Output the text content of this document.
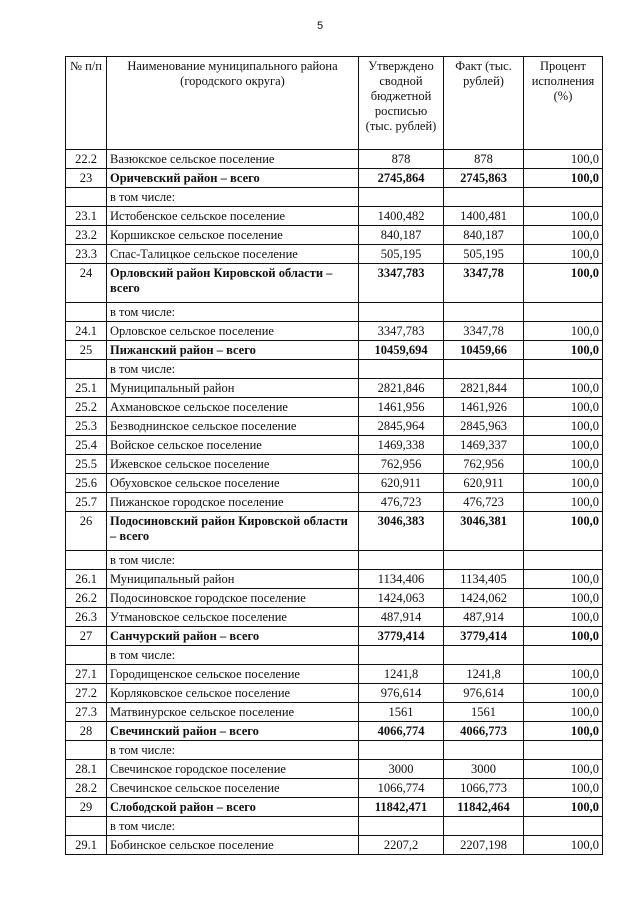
5
№ п/п	Наименование муниципального района (городского округа)	Утверждено сводной бюджетной росписью (тыс. рублей)	Факт (тыс. рублей)	Процент исполнения (%)
22.2	Вазюкское сельское поселение	878	878	100,0
23	Оричевский район – всего	2745,864	2745,863	100,0
	в том числе:			
23.1	Истобенское сельское поселение	1400,482	1400,481	100,0
23.2	Коршикское сельское поселение	840,187	840,187	100,0
23.3	Спас-Талицкое сельское поселение	505,195	505,195	100,0
24	Орловский район Кировской области – всего	3347,783	3347,78	100,0
	в том числе:			
24.1	Орловское сельское поселение	3347,783	3347,78	100,0
25	Пижанский район – всего	10459,694	10459,66	100,0
	в том числе:			
25.1	Муниципальный район	2821,846	2821,844	100,0
25.2	Ахмановское сельское поселение	1461,956	1461,926	100,0
25.3	Безводнинское сельское поселение	2845,964	2845,963	100,0
25.4	Войское сельское поселение	1469,338	1469,337	100,0
25.5	Ижевское сельское поселение	762,956	762,956	100,0
25.6	Обуховское сельское поселение	620,911	620,911	100,0
25.7	Пижанское городское поселение	476,723	476,723	100,0
26	Подосиновский район Кировской области – всего	3046,383	3046,381	100,0
	в том числе:			
26.1	Муниципальный район	1134,406	1134,405	100,0
26.2	Подосиновское городское поселение	1424,063	1424,062	100,0
26.3	Утмановское сельское поселение	487,914	487,914	100,0
27	Санчурский район – всего	3779,414	3779,414	100,0
	в том числе:			
27.1	Городищенское сельское поселение	1241,8	1241,8	100,0
27.2	Корляковское сельское поселение	976,614	976,614	100,0
27.3	Матвинурское сельское поселение	1561	1561	100,0
28	Свечинский район – всего	4066,774	4066,773	100,0
	в том числе:			
28.1	Свечинское городское поселение	3000	3000	100,0
28.2	Свечинское сельское поселение	1066,774	1066,773	100,0
29	Слободской район – всего	11842,471	11842,464	100,0
	в том числе:			
29.1	Бобинское сельское поселение	2207,2	2207,198	100,0
